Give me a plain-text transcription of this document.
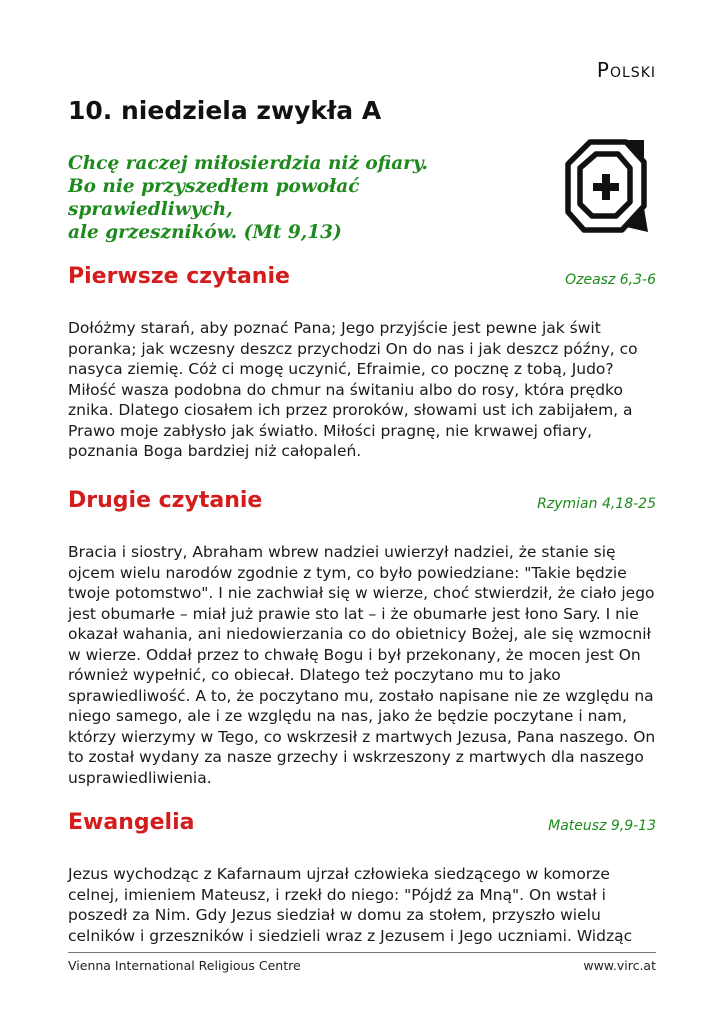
Polski
10. niedziela zwykła A
Chcę raczej miłosierdzia niż ofiary.
Bo nie przyszedłem powołać sprawiedliwych,
ale grzeszników. (Mt 9,13)
Pierwsze czytanie	Ozeasz 6,3-6
Dołóżmy starań, aby poznać Pana; Jego przyjście jest pewne jak świt poranka; jak wczesny deszcz przychodzi On do nas i jak deszcz późny, co nasyca ziemię. Cóż ci mogę uczynić, Efraimie, co pocznę z tobą, Judo? Miłość wasza podobna do chmur na świtaniu albo do rosy, która prędko znika. Dlatego ciosałem ich przez proroków, słowami ust ich zabijałem, a Prawo moje zabłysło jak światło. Miłości pragnę, nie krwawej ofiary, poznania Boga bardziej niż całopaleń.
Drugie czytanie	Rzymian 4,18-25
Bracia i siostry, Abraham wbrew nadziei uwierzył nadziei, że stanie się ojcem wielu narodów zgodnie z tym, co było powiedziane: "Takie będzie twoje potomstwo". I nie zachwiał się w wierze, choć stwierdził, że ciało jego jest obumarłe – miał już prawie sto lat – i że obumarłe jest łono Sary. I nie okazał wahania, ani niedowierzania co do obietnicy Bożej, ale się wzmocnił w wierze. Oddał przez to chwałę Bogu i był przekonany, że mocen jest On również wypełnić, co obiecał. Dlatego też poczytano mu to jako sprawiedliwość. A to, że poczytano mu, zostało napisane nie ze względu na niego samego, ale i ze względu na nas, jako że będzie poczytane i nam, którzy wierzymy w Tego, co wskrzesił z martwych Jezusa, Pana naszego. On to został wydany za nasze grzechy i wskrzeszony z martwych dla naszego usprawiedliwienia.
Ewangelia	Mateusz 9,9-13
Jezus wychodząc z Kafarnaum ujrzał człowieka siedzącego w komorze celnej, imieniem Mateusz, i rzekł do niego: "Pójdź za Mną". On wstał i poszedł za Nim. Gdy Jezus siedział w domu za stołem, przyszło wielu celników i grzeszników i siedzieli wraz z Jezusem i Jego uczniami. Widząc
Vienna International Religious Centre	www.virc.at
